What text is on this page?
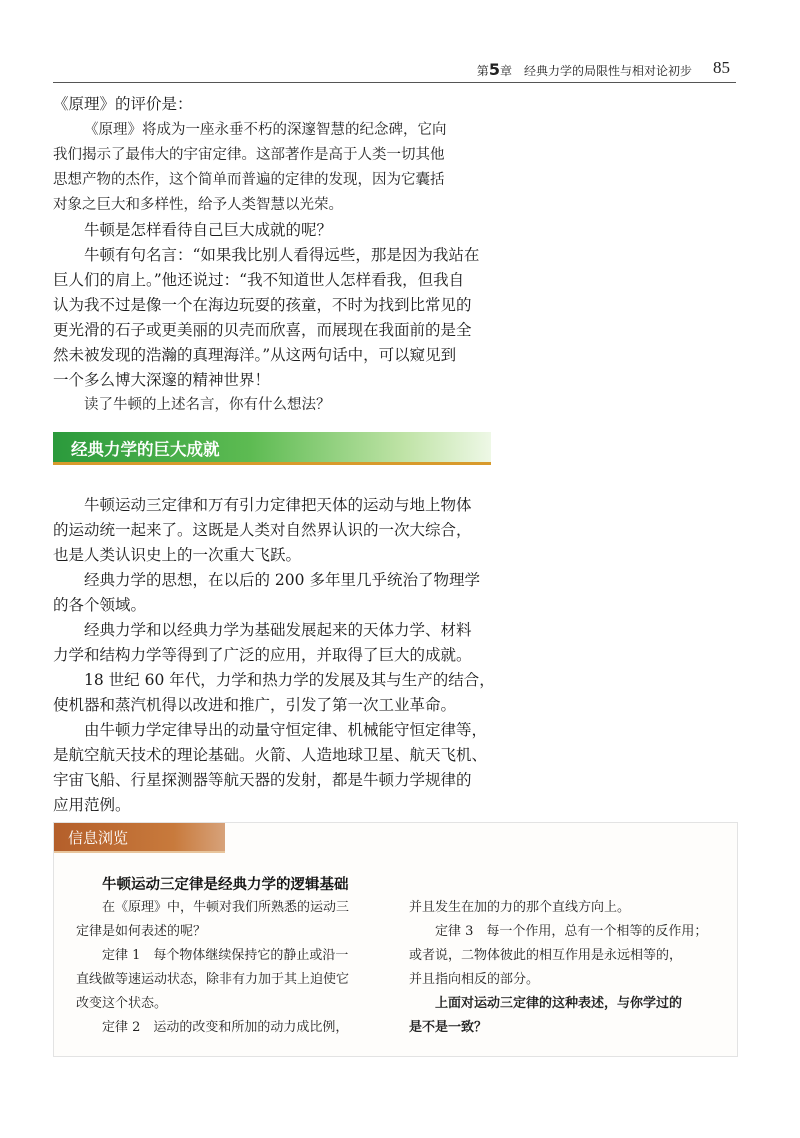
第5章　 经典力学的局限性与相对论初步 85

《原理》的评价是：

《原理》将成为一座永垂不朽的深邃智慧的纪念碑，它向

我们揭示了最伟大的宇宙定律。这部著作是高于人类一切其他

思想产物的杰作，这个简单而普遍的定律的发现，因为它囊括

对象之巨大和多样性，给予人类智慧以光荣。

牛顿是怎样看待自己巨大成就的呢？

牛顿有句名言：“如果我比别人看得远些，那是因为我站在

巨人们的肩上。”他还说过：“我不知道世人怎样看我，但我自

认为我不过是像一个在海边玩耍的孩童，不时为找到比常见的

更光滑的石子或更美丽的贝壳而欣喜，而展现在我面前的是全

然未被发现的浩瀚的真理海洋。”从这两句话中，可以窥见到

一个多么博大深邃的精神世界！

读了牛顿的上述名言，你有什么想法？

经典力学的巨大成就

牛顿运动三定律和万有引力定律把天体的运动与地上物体

的运动统一起来了。这既是人类对自然界认识的一次大综合，

也是人类认识史上的一次重大飞跃。

经典力学的思想，在以后的 200 多年里几乎统治了物理学

的各个领域。

经典力学和以经典力学为基础发展起来的天体力学、材料

力学和结构力学等得到了广泛的应用，并取得了巨大的成就。

18 世纪 60 年代，力学和热力学的发展及其与生产的结合，

使机器和蒸汽机得以改进和推广，引发了第一次工业革命。

由牛顿力学定律导出的动量守恒定律、机械能守恒定律等，

是航空航天技术的理论基础。火箭、人造地球卫星、航天飞机、

宇宙飞船、行星探测器等航天器的发射，都是牛顿力学规律的

应用范例。

信息浏览
牛顿运动三定律是经典力学的逻辑基础

在《原理》中，牛顿对我们所熟悉的运动三

定律是如何表述的呢？

定律 1　每个物体继续保持它的静止或沿一

直线做等速运动状态，除非有力加于其上迫使它

改变这个状态。

定律 2　运动的改变和所加的动力成比例，

并且发生在加的力的那个直线方向上。

定律 3　每一个作用，总有一个相等的反作用；

或者说，二物体彼此的相互作用是永远相等的，

并且指向相反的部分。

上面对运动三定律的这种表述，与你学过的

是不是一致？
